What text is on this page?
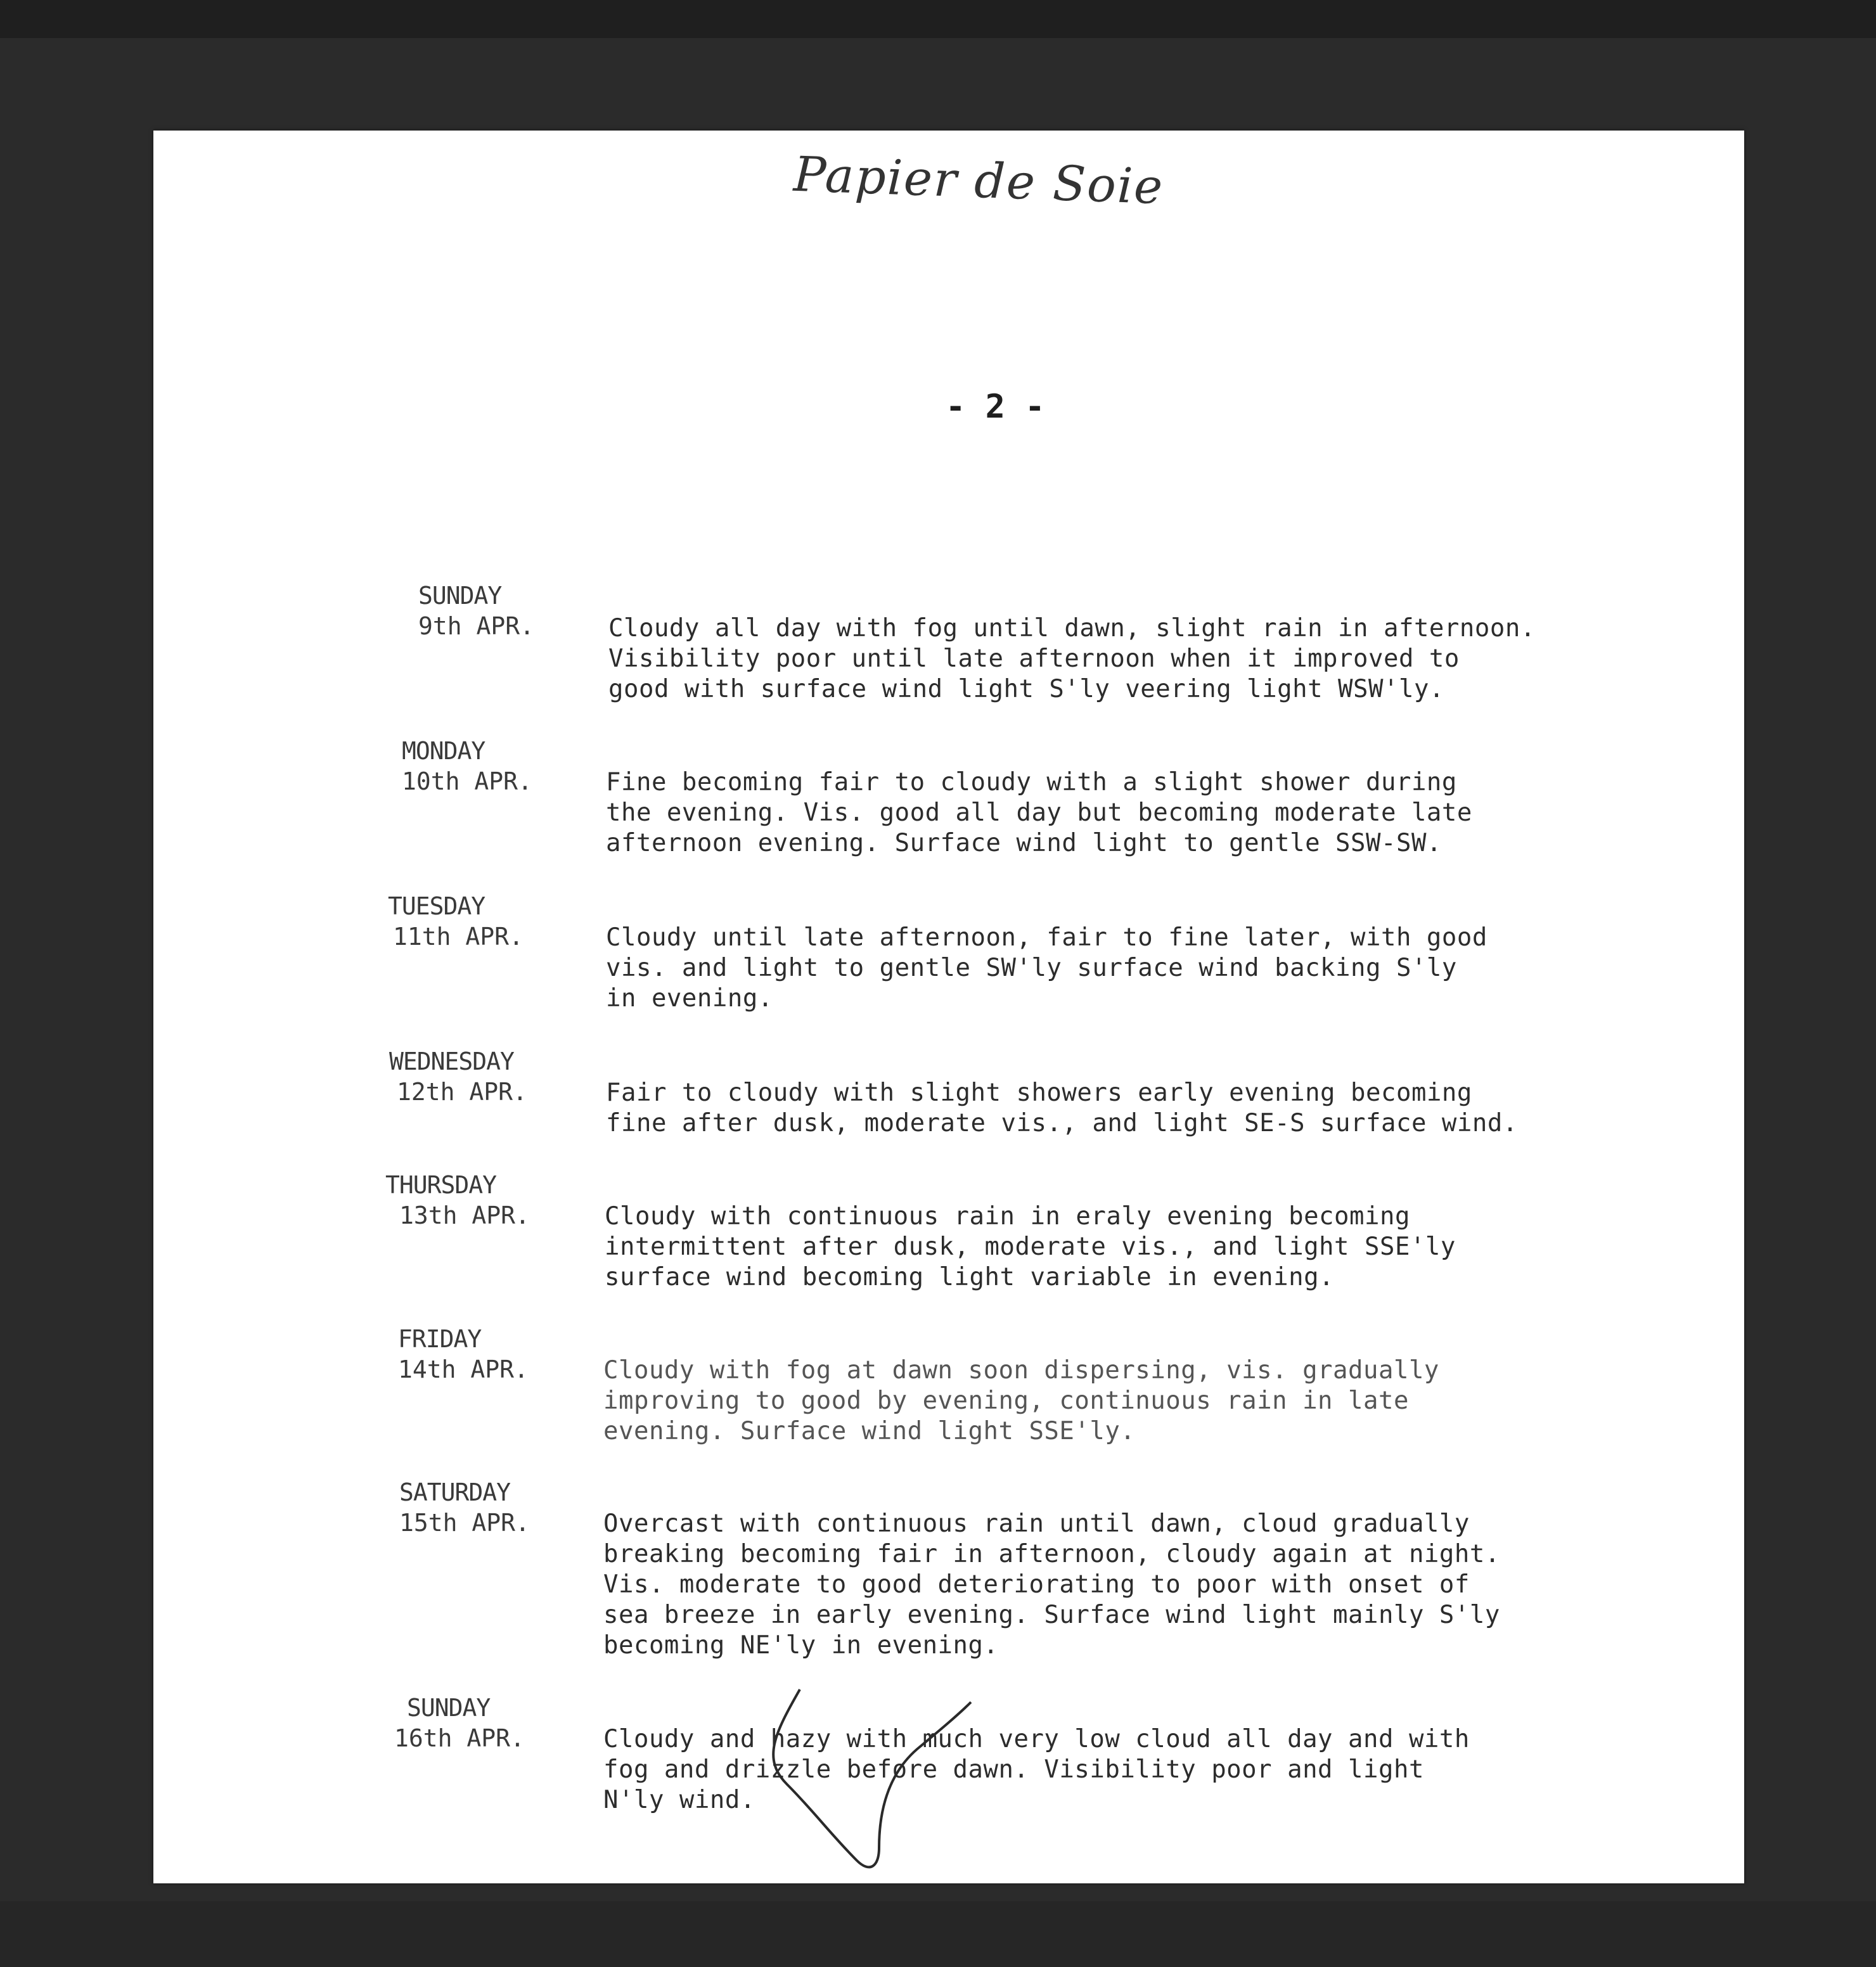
Papier de Soie
- 2 -
SUNDAY
9th APR.	Cloudy all day with fog until dawn, slight rain in afternoon.
Visibility poor until late afternoon when it improved to
good with surface wind light S'ly veering light WSW'ly.
MONDAY
10th APR.	Fine becoming fair to cloudy with a slight shower during
the evening. Vis. good all day but becoming moderate late
afternoon evening. Surface wind light to gentle SSW-SW.
TUESDAY
11th APR.	Cloudy until late afternoon, fair to fine later, with good
vis. and light to gentle SW'ly surface wind backing S'ly
in evening.
WEDNESDAY
12th APR.	Fair to cloudy with slight showers early evening becoming
fine after dusk, moderate vis., and light SE-S surface wind.
THURSDAY
13th APR.	Cloudy with continuous rain in eraly evening becoming
intermittent after dusk, moderate vis., and light SSE'ly
surface wind becoming light variable in evening.
FRIDAY
14th APR.	Cloudy with fog at dawn soon dispersing, vis. gradually
improving to good by evening, continuous rain in late
evening. Surface wind light SSE'ly.
SATURDAY
15th APR.	Overcast with continuous rain until dawn, cloud gradually
breaking becoming fair in afternoon, cloudy again at night.
Vis. moderate to good deteriorating to poor with onset of
sea breeze in early evening. Surface wind light mainly S'ly
becoming NE'ly in evening.
SUNDAY
16th APR.	Cloudy and hazy with much very low cloud all day and with
fog and drizzle before dawn. Visibility poor and light
N'ly wind.
